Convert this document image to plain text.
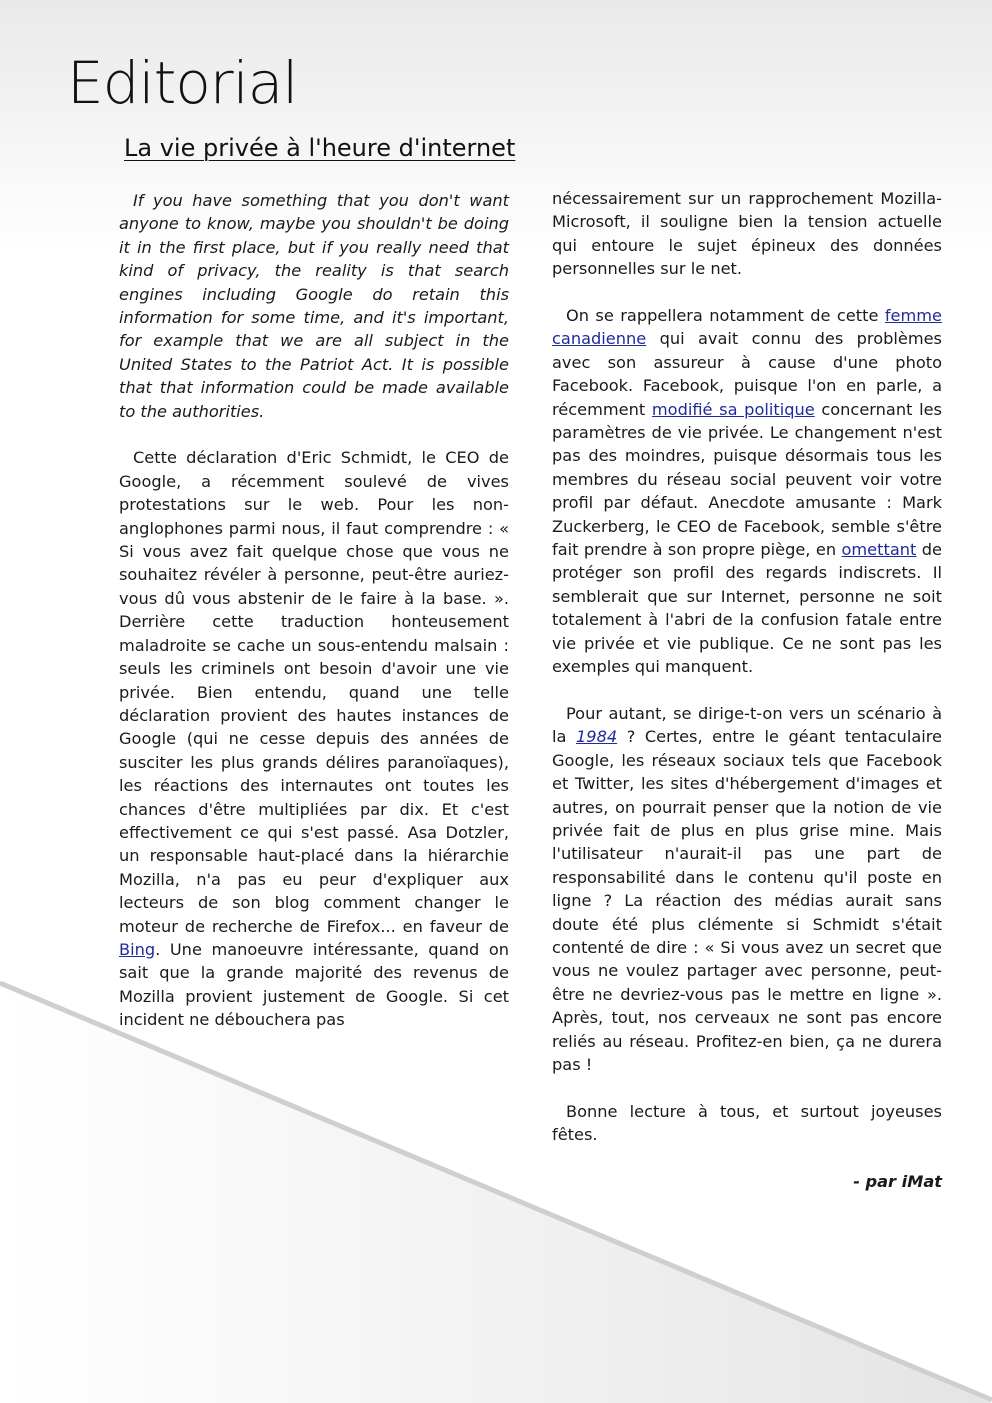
Editorial
La vie privée à l'heure d'internet

If you have something that you don't want anyone to know, maybe you shouldn't be doing it in the first place, but if you really need that kind of privacy, the reality is that search engines including Google do retain this information for some time, and it's important, for example that we are all subject in the United States to the Patriot Act. It is possible that that information could be made available to the authorities.

Cette déclaration d'Eric Schmidt, le CEO de Google, a récemment soulevé de vives protestations sur le web. Pour les non-anglophones parmi nous, il faut comprendre : « Si vous avez fait quelque chose que vous ne souhaitez révéler à personne, peut-être auriez-vous dû vous abstenir de le faire à la base. ». Derrière cette traduction honteusement maladroite se cache un sous-entendu malsain : seuls les criminels ont besoin d'avoir une vie privée. Bien entendu, quand une telle déclaration provient des hautes instances de Google (qui ne cesse depuis des années de susciter les plus grands délires paranoïaques), les réactions des internautes ont toutes les chances d'être multipliées par dix. Et c'est effectivement ce qui s'est passé. Asa Dotzler, un responsable haut-placé dans la hiérarchie Mozilla, n'a pas eu peur d'expliquer aux lecteurs de son blog comment changer le moteur de recherche de Firefox... en faveur de Bing. Une manoeuvre intéressante, quand on sait que la grande majorité des revenus de Mozilla provient justement de Google. Si cet incident ne débouchera pas

nécessairement sur un rapprochement Mozilla-Microsoft, il souligne bien la tension actuelle qui entoure le sujet épineux des données personnelles sur le net.

On se rappellera notamment de cette femme canadienne qui avait connu des problèmes avec son assureur à cause d'une photo Facebook. Facebook, puisque l'on en parle, a récemment modifié sa politique concernant les paramètres de vie privée. Le changement n'est pas des moindres, puisque désormais tous les membres du réseau social peuvent voir votre profil par défaut. Anecdote amusante : Mark Zuckerberg, le CEO de Facebook, semble s'être fait prendre à son propre piège, en omettant de protéger son profil des regards indiscrets. Il semblerait que sur Internet, personne ne soit totalement à l'abri de la confusion fatale entre vie privée et vie publique. Ce ne sont pas les exemples qui manquent.

Pour autant, se dirige-t-on vers un scénario à la 1984 ? Certes, entre le géant tentaculaire Google, les réseaux sociaux tels que Facebook et Twitter, les sites d'hébergement d'images et autres, on pourrait penser que la notion de vie privée fait de plus en plus grise mine. Mais l'utilisateur n'aurait-il pas une part de responsabilité dans le contenu qu'il poste en ligne ? La réaction des médias aurait sans doute été plus clémente si Schmidt s'était contenté de dire : « Si vous avez un secret que vous ne voulez partager avec personne, peut-être ne devriez-vous pas le mettre en ligne ». Après, tout, nos cerveaux ne sont pas encore reliés au réseau. Profitez-en bien, ça ne durera pas !

Bonne lecture à tous, et surtout joyeuses fêtes.

- par iMat
